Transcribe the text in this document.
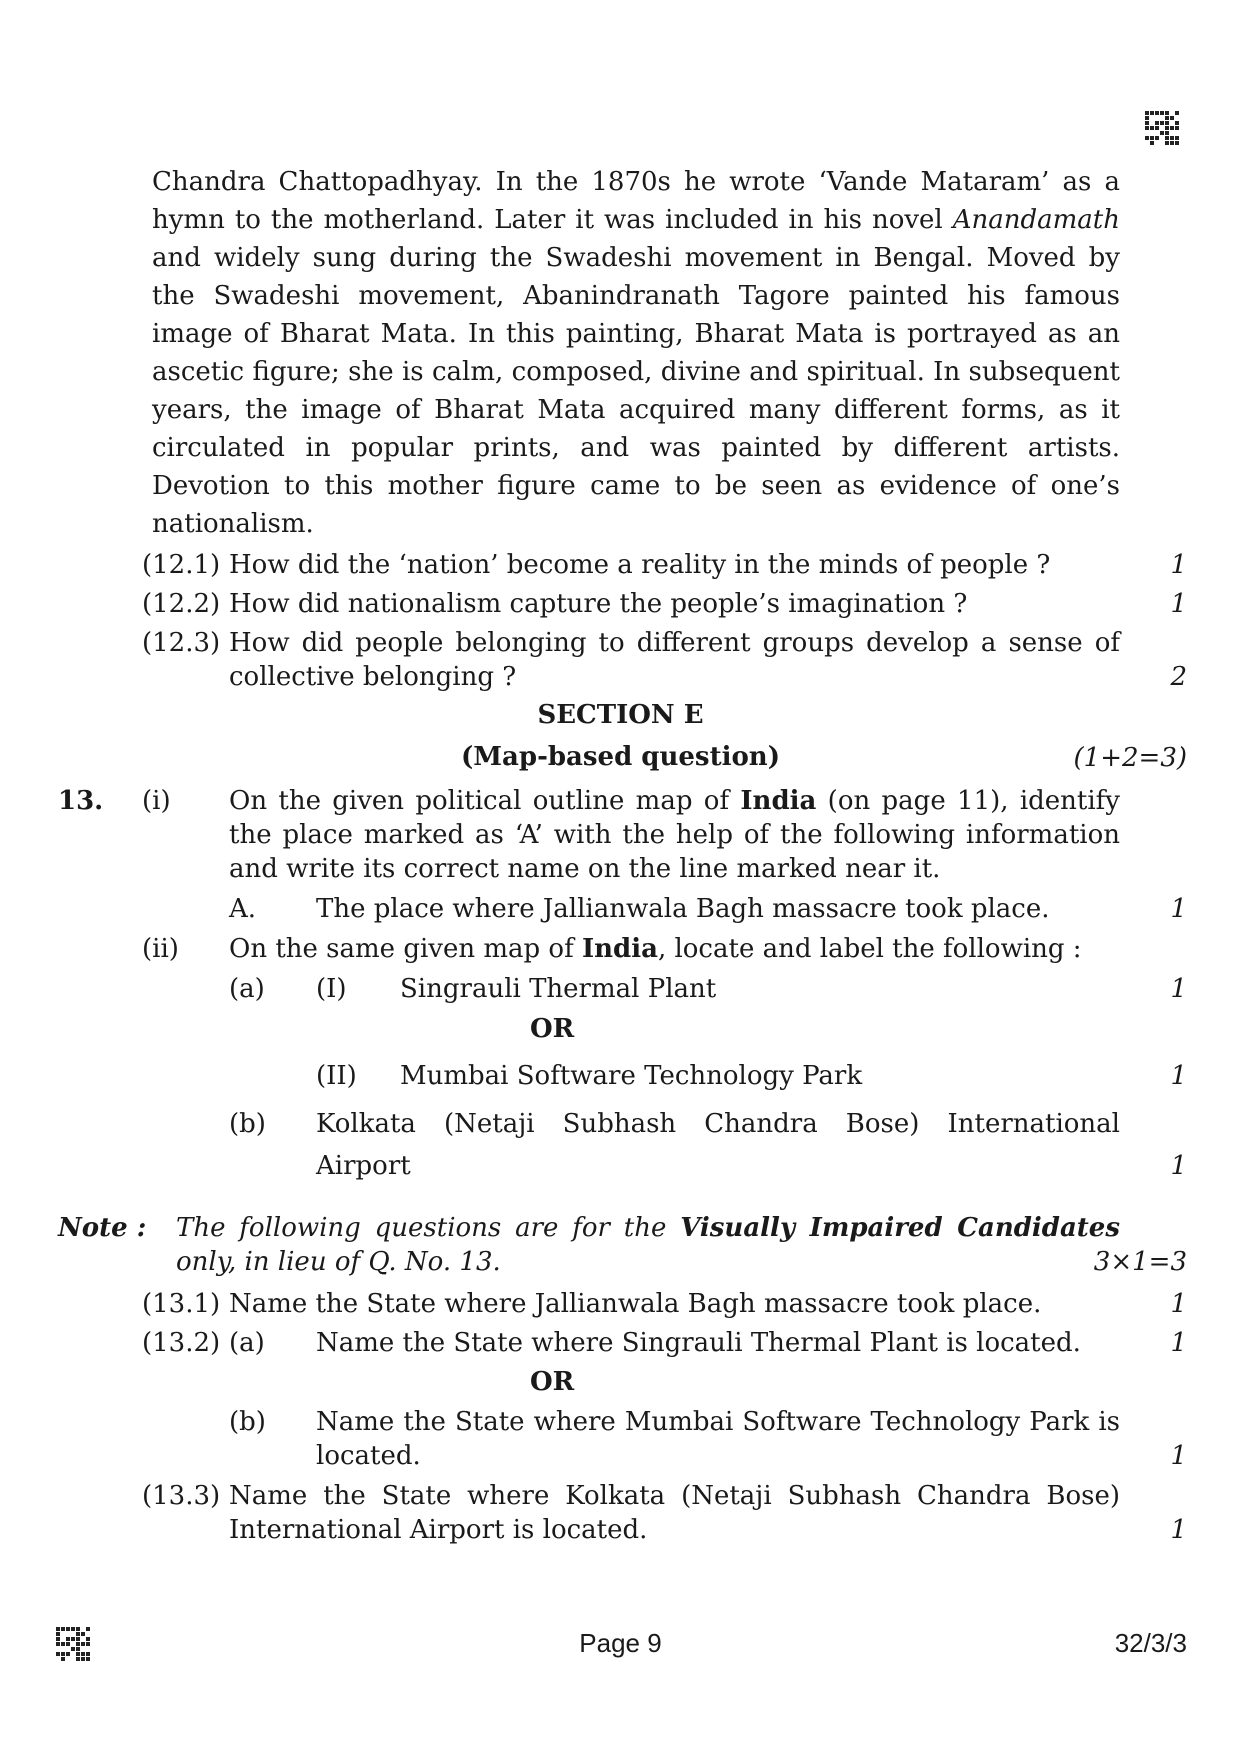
Chandra Chattopadhyay. In the 1870s he wrote ‘Vande Mataram’ as a
hymn to the motherland. Later it was included in his novel Anandamath
and widely sung during the Swadeshi movement in Bengal. Moved by
the Swadeshi movement, Abanindranath Tagore painted his famous
image of Bharat Mata. In this painting, Bharat Mata is portrayed as an
ascetic figure; she is calm, composed, divine and spiritual. In subsequent
years, the image of Bharat Mata acquired many different forms, as it
circulated in popular prints, and was painted by different artists.
Devotion to this mother figure came to be seen as evidence of one’s
nationalism.
(12.1) How did the ‘nation’ become a reality in the minds of people ?	1
(12.2) How did nationalism capture the people’s imagination ?	1
(12.3) How did people belonging to different groups develop a sense of
collective belonging ?	2
SECTION E
(Map-based question)	(1+2=3)
13. (i) On the given political outline map of India (on page 11), identify
the place marked as ‘A’ with the help of the following information
and write its correct name on the line marked near it.
A. The place where Jallianwala Bagh massacre took place.	1
(ii) On the same given map of India, locate and label the following :
(a) (I) Singrauli Thermal Plant	1
OR
(II) Mumbai Software Technology Park	1
(b) Kolkata (Netaji Subhash Chandra Bose) International
Airport	1
Note : The following questions are for the Visually Impaired Candidates
only, in lieu of Q. No. 13.	3×1=3
(13.1) Name the State where Jallianwala Bagh massacre took place.	1
(13.2) (a) Name the State where Singrauli Thermal Plant is located.	1
OR
(b) Name the State where Mumbai Software Technology Park is
located.	1
(13.3) Name the State where Kolkata (Netaji Subhash Chandra Bose)
International Airport is located.	1
Page 9	32/3/3
